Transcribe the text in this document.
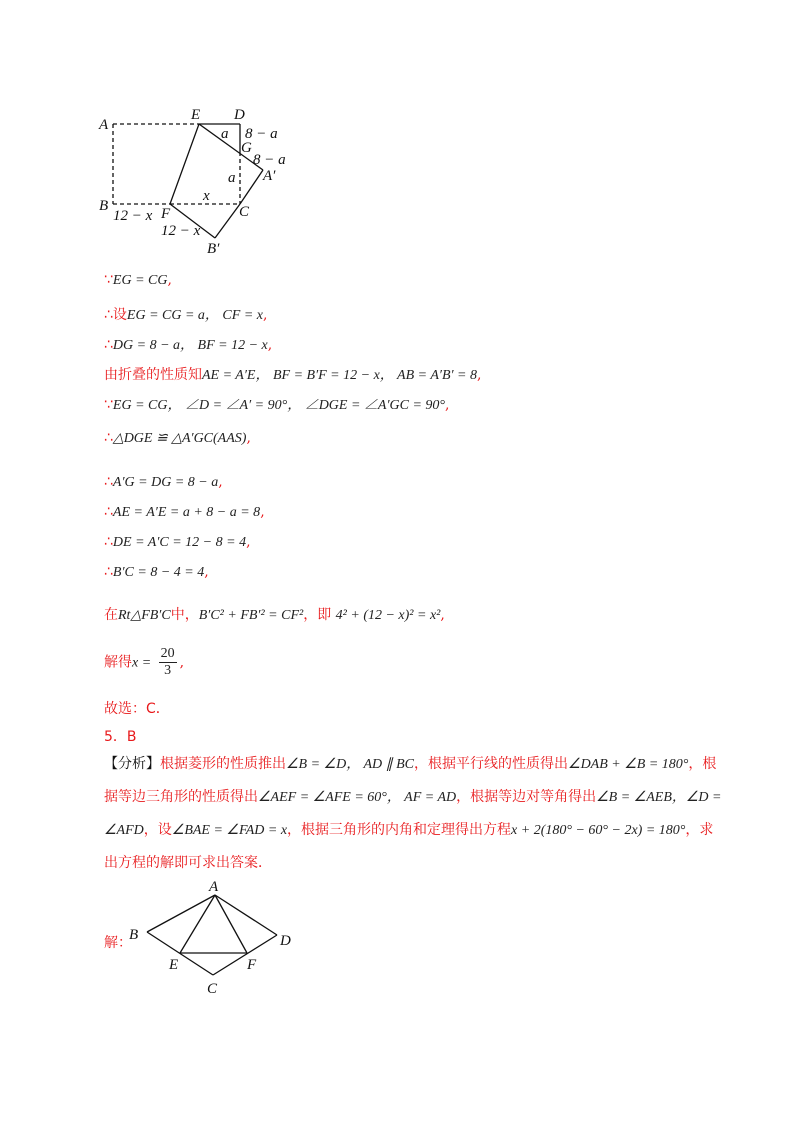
A
E D
G
A′
B	F	C
B′
a 8 − a
8 − a
a
x
12 − x
12 − x
∵EG = CG,
∴设EG = CG = a， CF = x,
∴DG = 8 − a， BF = 12 − x,
由折叠的性质知AE = A′E， BF = B′F = 12 − x， AB = A′B′ = 8,
∵EG = CG， ∠D = ∠A′ = 90°， ∠DGE = ∠A′GC = 90°,
∴△DGE ≌ △A′GC(AAS),
∴A′G = DG = 8 − a,
∴AE = A′E = a + 8 − a = 8,
∴DE = A′C = 12 − 8 = 4,
∴B′C = 8 − 4 = 4,
在Rt△FB′C中，B′C² + FB′² = CF²，即 4² + (12 − x)² = x²,
解得$x = \frac{20}{3}$ ,
故选：C．
5．B
【分析】根据菱形的性质推出∠B = ∠D， AD ∥ BC，根据平行线的性质得出∠DAB + ∠B = 180°，根据等边三角形的性质得出∠AEF = ∠AFE = 60°， AF = AD，根据等边对等角得出∠B = ∠AEB，∠D = ∠AFD，设∠BAE = ∠FAD = x，根据三角形的内角和定理得出方程x + 2(180° − 60° − 2x) = 180°，求出方程的解即可求出答案．
解：
A
B	D
E	F
C
